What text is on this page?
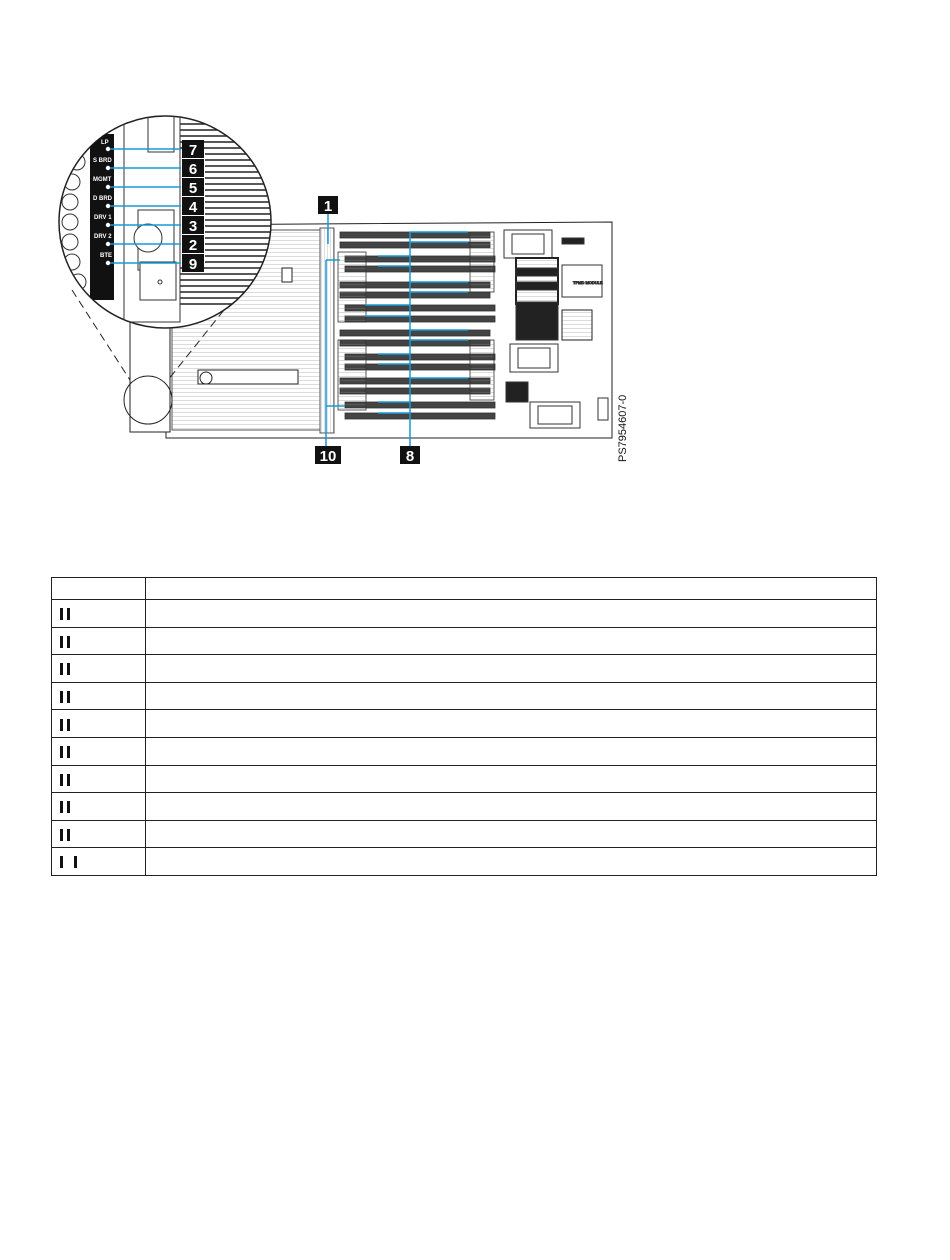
TPMD MODULE
LP
S BRD
MGMT
D BRD
DRV 1
DRV 2
BTE
7
6
5
4
3
2
9
1
10	8	PS7954607-0
